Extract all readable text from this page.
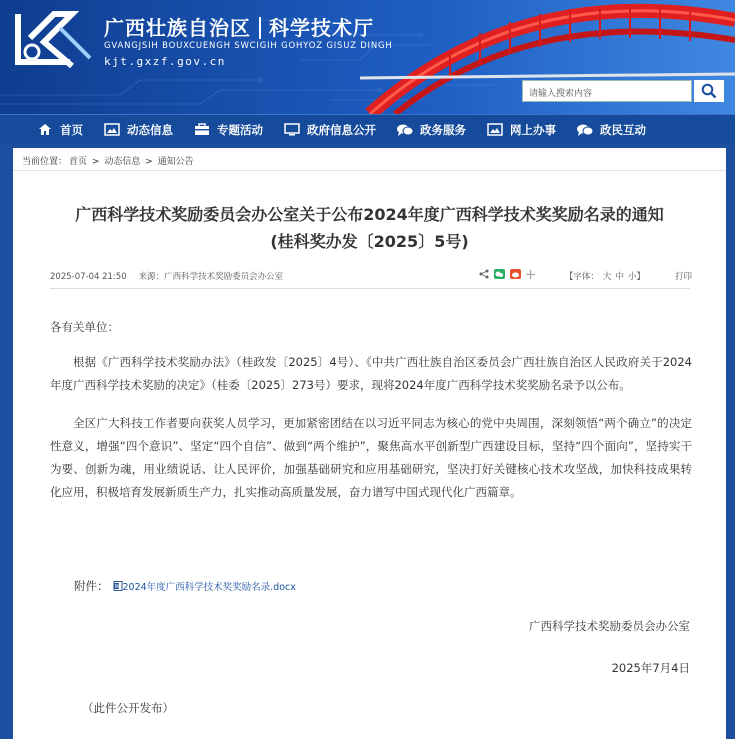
广西壮族自治区 科学技术厅
GVANGJSIH BOUXCUENGH SWCIGIH GOHYOZ GISUZ DINGH
kjt.gxzf.gov.cn
请输入搜索内容
首页	动态信息	专题活动	政府信息公开	政务服务	网上办事	政民互动
当前位置： 首页 > 动态信息 > 通知公告
广西科学技术奖励委员会办公室关于公布2024年度广西科学技术奖奖励名录的通知
(桂科奖办发〔2025〕5号)
2025-07-04 21:50 来源：广西科学技术奖励委员会办公室	【字体： 大 中 小】	打印

各有关单位：

根据《广西科学技术奖励办法》（桂政发〔2025〕4号）、《中共广西壮族自治区委员会广西壮族自治区人民政府关于2024年度广西科学技术奖励的决定》（桂委〔2025〕273号）要求，现将2024年度广西科学技术奖奖励名录予以公布。

全区广大科技工作者要向获奖人员学习，更加紧密团结在以习近平同志为核心的党中央周围，深刻领悟“两个确立”的决定性意义，增强“四个意识”、坚定“四个自信”、做到“两个维护”，聚焦高水平创新型广西建设目标，坚持“四个面向”，坚持实干为要、创新为魂，用业绩说话、让人民评价，加强基础研究和应用基础研究，坚决打好关键核心技术攻坚战，加快科技成果转化应用，积极培育发展新质生产力，扎实推动高质量发展，奋力谱写中国式现代化广西篇章。

附件： W 2024年度广西科学技术奖奖励名录.docx
广西科学技术奖励委员会办公室
2025年7月4日
（此件公开发布）
